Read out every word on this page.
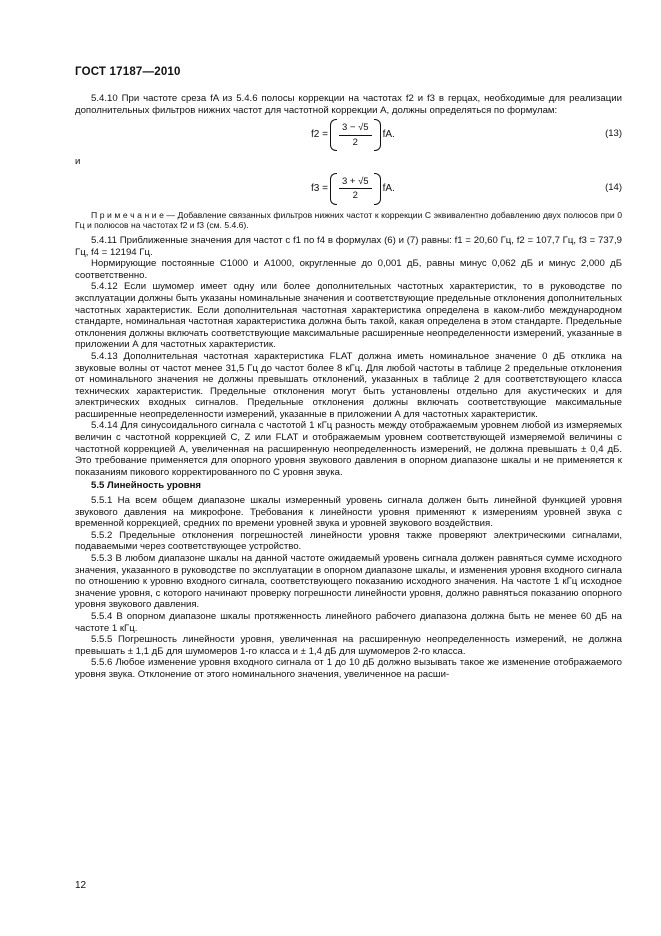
ГОСТ 17187—2010

5.4.10 При частоте среза fA из 5.4.6 полосы коррекции на частотах f2 и f3 в герцах, необходимые для реализации дополнительных фильтров нижних частот для частотной коррекции A, должны определяться по формулам:

$f2 = \frac{3 - √5}{2}$ fA.	(13)

и

$f3 = \frac{3 + √5}{2}$ fA.	(14)

П р и м е ч а н и е — Добавление связанных фильтров нижних частот к коррекции C эквивалентно добавлению двух полюсов при 0 Гц и полюсов на частотах f2 и f3 (см. 5.4.6).

5.4.11 Приближенные значения для частот с f1 по f4 в формулах (6) и (7) равны: f1 = 20,60 Гц, f2 = 107,7 Гц, f3 = 737,9 Гц, f4 = 12194 Гц.

Нормирующие постоянные C1000 и A1000, округленные до 0,001 дБ, равны минус 0,062 дБ и минус 2,000 дБ соответственно.

5.4.12 Если шумомер имеет одну или более дополнительных частотных характеристик, то в руководстве по эксплуатации должны быть указаны номинальные значения и соответствующие предельные отклонения дополнительных частотных характеристик. Если дополнительная частотная характеристика определена в каком-либо международном стандарте, номинальная частотная характеристика должна быть такой, какая определена в этом стандарте. Предельные отклонения должны включать соответствующие максимальные расширенные неопределенности измерений, указанные в приложении А для частотных характеристик.

5.4.13 Дополнительная частотная характеристика FLAT должна иметь номинальное значение 0 дБ отклика на звуковые волны от частот менее 31,5 Гц до частот более 8 кГц. Для любой частоты в таблице 2 предельные отклонения от номинального значения не должны превышать отклонений, указанных в таблице 2 для соответствующего класса технических характеристик. Предельные отклонения могут быть установлены отдельно для акустических и для электрических входных сигналов. Предельные отклонения должны включать соответствующие максимальные расширенные неопределенности измерений, указанные в приложении А для частотных характеристик.

5.4.14 Для синусоидального сигнала с частотой 1 кГц разность между отображаемым уровнем любой из измеряемых величин с частотной коррекцией C, Z или FLAT и отображаемым уровнем соответствующей измеряемой величины с частотной коррекцией A, увеличенная на расширенную неопределенность измерений, не должна превышать ± 0,4 дБ. Это требование применяется для опорного уровня звукового давления в опорном диапазоне шкалы и не применяется к показаниям пикового корректированного по C уровня звука.

5.5 Линейность уровня

5.5.1 На всем общем диапазоне шкалы измеренный уровень сигнала должен быть линейной функцией уровня звукового давления на микрофоне. Требования к линейности уровня применяют к измерениям уровней звука с временной коррекцией, средних по времени уровней звука и уровней звукового воздействия.

5.5.2 Предельные отклонения погрешностей линейности уровня также проверяют электрическими сигналами, подаваемыми через соответствующее устройство.

5.5.3 В любом диапазоне шкалы на данной частоте ожидаемый уровень сигнала должен равняться сумме исходного значения, указанного в руководстве по эксплуатации в опорном диапазоне шкалы, и изменения уровня входного сигнала по отношению к уровню входного сигнала, соответствующего показанию исходного значения. На частоте 1 кГц исходное значение уровня, с которого начинают проверку погрешности линейности уровня, должно равняться показанию опорного уровня звукового давления.

5.5.4 В опорном диапазоне шкалы протяженность линейного рабочего диапазона должна быть не менее 60 дБ на частоте 1 кГц.

5.5.5 Погрешность линейности уровня, увеличенная на расширенную неопределенность измерений, не должна превышать ± 1,1 дБ для шумомеров 1-го класса и ± 1,4 дБ для шумомеров 2-го класса.

5.5.6 Любое изменение уровня входного сигнала от 1 до 10 дБ должно вызывать такое же изменение отображаемого уровня звука. Отклонение от этого номинального значения, увеличенное на расши-

12
